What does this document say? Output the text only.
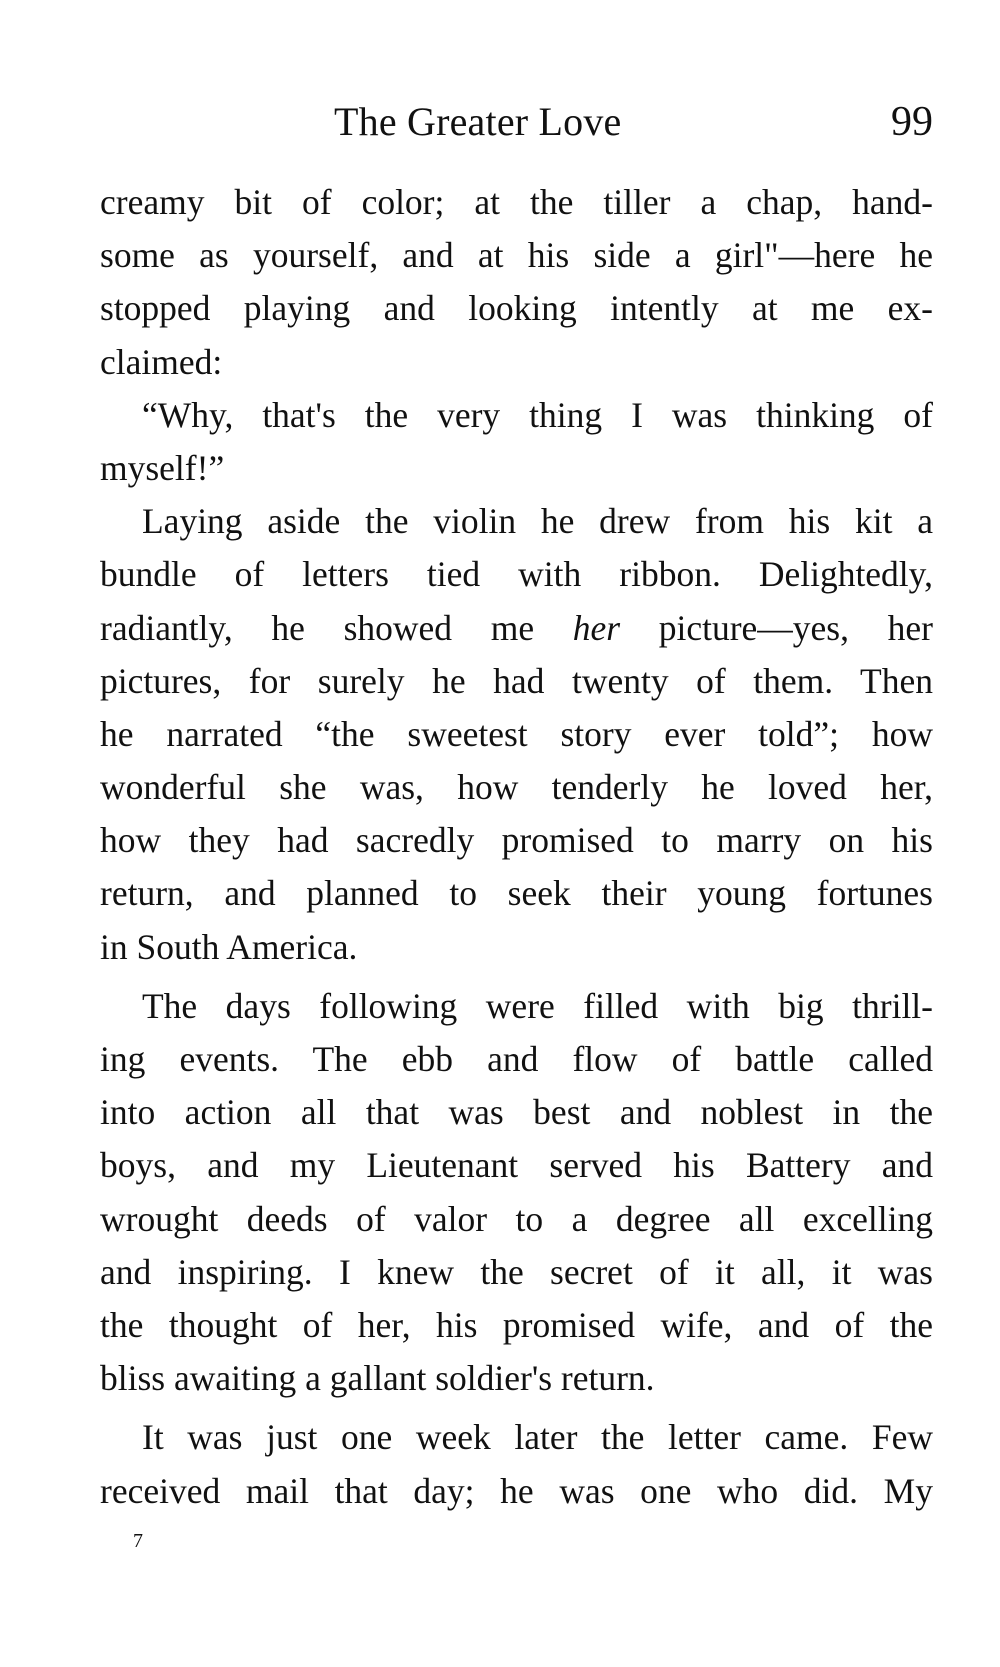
The Greater Love	99
creamy bit of color; at the tiller a chap, hand-
some as yourself, and at his side a girl"—here he
stopped playing and looking intently at me ex-
claimed:
“Why, that's the very thing I was thinking of
myself!”
Laying aside the violin he drew from his kit a
bundle of letters tied with ribbon. Delightedly,
radiantly, he showed me her picture—yes, her
pictures, for surely he had twenty of them. Then
he narrated “the sweetest story ever told”; how
wonderful she was, how tenderly he loved her,
how they had sacredly promised to marry on his
return, and planned to seek their young fortunes
in South America.
The days following were filled with big thrill-
ing events. The ebb and flow of battle called
into action all that was best and noblest in the
boys, and my Lieutenant served his Battery and
wrought deeds of valor to a degree all excelling
and inspiring. I knew the secret of it all, it was
the thought of her, his promised wife, and of the
bliss awaiting a gallant soldier's return.
It was just one week later the letter came. Few
received mail that day; he was one who did. My
7
